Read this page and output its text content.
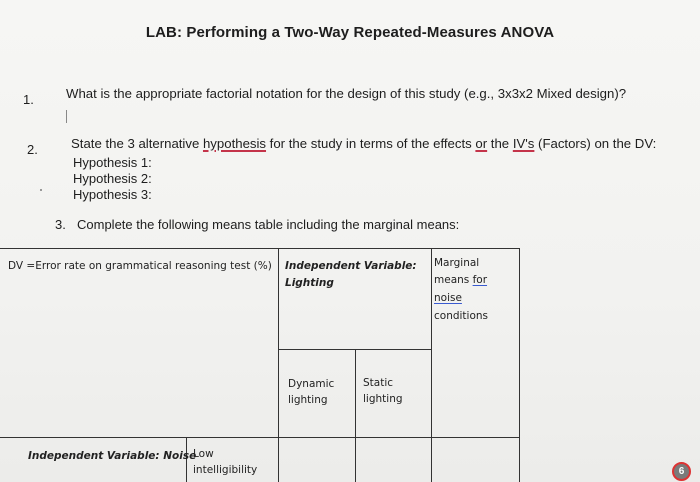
LAB: Performing a Two-Way Repeated-Measures ANOVA
1. What is the appropriate factorial notation for the design of this study (e.g., 3x3x2 Mixed design)?
2.	State the 3 alternative hypothesis for the study in terms of the effects or the IV's (Factors) on the DV:
Hypothesis 1:
Hypothesis 2:
Hypothesis 3:
3. Complete the following means table including the marginal means:
DV =Error rate on grammatical reasoning test (%) Independent Variable:
Lighting
Marginal
means for
noise
conditions
Dynamic
lighting
Static
lighting
Independent Variable: Noise
Low
intelligibility	6
